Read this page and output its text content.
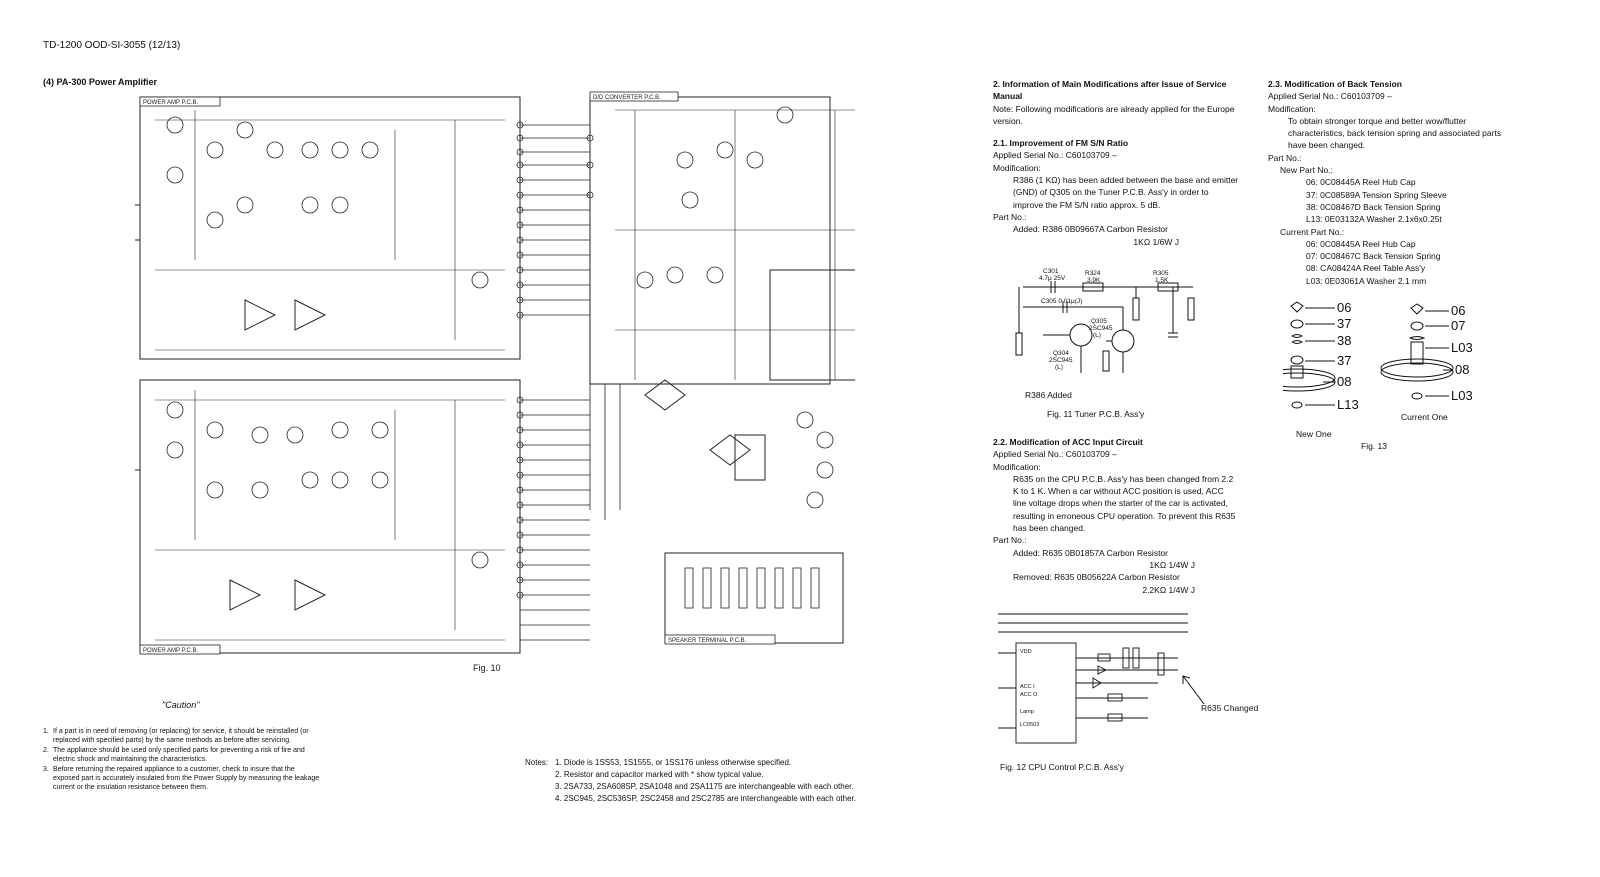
TD-1200 OOD-SI-3055 (12/13)
(4) PA-300 Power Amplifier
POWER AMP P.C.B.
POWER AMP P.C.B.
D/D CONVERTER P.C.B.
SPEAKER TERMINAL P.C.B.
Fig. 10
"Caution"
1. If a part is in need of removing (or replacing) for service, it should be reinstalled (or replaced with specified parts) by the same methods as before after servicing.
2. The appliance should be used only specified parts for preventing a risk of fire and electric shock and maintaining the characteristics.
3. Before returning the repaired appliance to a customer, check to insure that the exposed part is accurately insulated from the Power Supply by measuring the leakage current or the insulation resistance between them.
Notes: 1. Diode is 1SS53, 1S1555, or 1SS176 unless otherwise specified.
2. Resistor and capacitor marked with * show typical value.
3. 2SA733, 2SA608SP, 2SA1048 and 2SA1175 are interchangeable with each other.
4. 2SC945, 2SC536SP, 2SC2458 and 2SC2785 are interchangeable with each other.
2. Information of Main Modifications after Issue of Service Manual
Note: Following modifications are already applied for the Europe version.
2.1. Improvement of FM S/N Ratio
Applied Serial No.: C60103709 –
Modification:
R386 (1 KΩ) has been added between the base and emitter (GND) of Q305 on the Tuner P.C.B. Ass'y in order to improve the FM S/N ratio approx. 5 dB.
Part No.:
Added: R386 0B09667A Carbon Resistor
1KΩ 1/6W J
C301
4.7μ 25V
R324
3.9K
R305
1.5K
C305 0.01μ(J)
Q305
2SC945
(L)
Q304
2SC945
(L)
R386 Added
Fig. 11 Tuner P.C.B. Ass'y
2.2. Modification of ACC Input Circuit
Applied Serial No.: C60103709 –
Modification:
R635 on the CPU P.C.B. Ass'y has been changed from 2.2 K to 1 K. When a car without ACC position is used, ACC line voltage drops when the starter of the car is activated, resulting in erroneous CPU operation. To prevent this R635 has been changed.
Part No.:
Added: R635 0B01857A Carbon Resistor
1KΩ 1/4W J
Removed: R635 0B05622A Carbon Resistor
2.2KΩ 1/4W J
VDD
ACC I
ACC O
Lamp
LC6503
R635 Changed
Fig. 12 CPU Control P.C.B. Ass'y
2.3. Modification of Back Tension
Applied Serial No.: C60103709 –
Modification:
To obtain stronger torque and better wow/flutter characteristics, back tension spring and associated parts have been changed.
Part No.:
New Part No.:
06: 0C08445A Reel Hub Cap
37: 0C08589A Tension Spring Sleeve
38: 0C08467D Back Tension Spring
L13: 0E03132A Washer 2.1x6x0.25t
Current Part No.:
06: 0C08445A Reel Hub Cap
07: 0C08467C Back Tension Spring
08: CA08424A Reel Table Ass'y
L03: 0E03061A Washer 2.1 mm
06
37
38
37
08
L13
06
07
L03
08
L03
New One
Current One
Fig. 13
